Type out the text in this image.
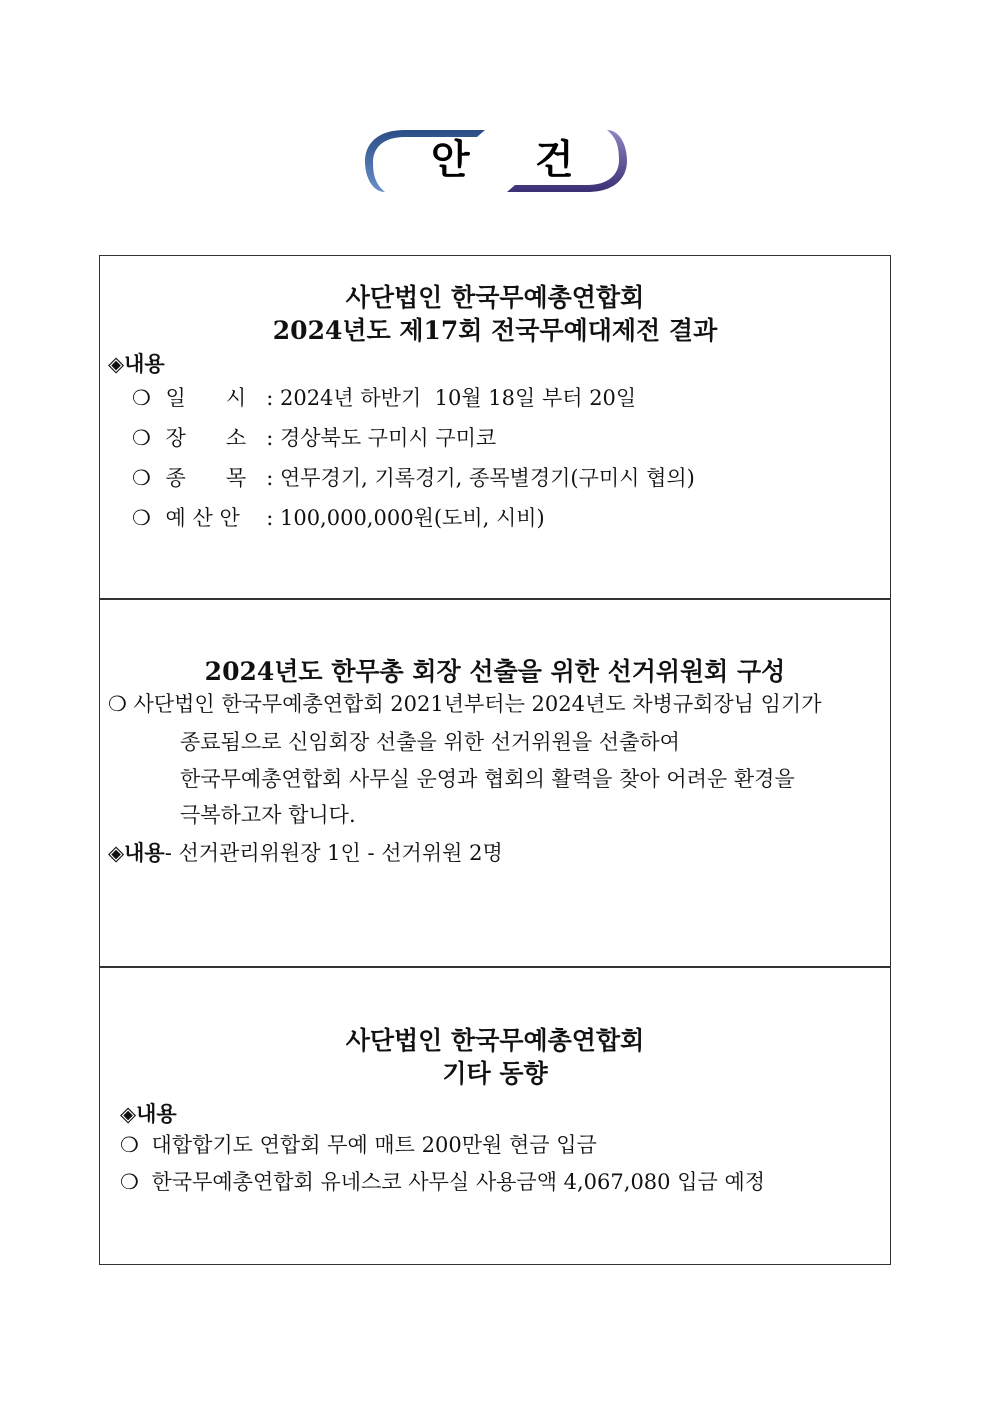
안 건
사단법인 한국무예총연합회
2024년도 제17회 전국무예대제전 결과
◈내용
❍ 일      시 : 2024년 하반기  10월 18일 부터 20일
❍ 장      소 : 경상북도 구미시 구미코
❍ 종      목 : 연무경기, 기록경기, 종목별경기(구미시 협의)
❍ 예 산 안 : 100,000,000원(도비, 시비)
2024년도 한무총 회장 선출을 위한 선거위원회 구성
❍ 사단법인 한국무예총연합회 2021년부터는 2024년도 차병규회장님 임기가
종료됨으로 신임회장 선출을 위한 선거위원을 선출하여
한국무예총연합회 사무실 운영과 협회의 활력을 찾아 어려운 환경을
극복하고자 합니다.
◈내용- 선거관리위원장 1인 - 선거위원 2명
사단법인 한국무예총연합회
기타 동향
◈내용
❍ 대합합기도 연합회 무예 매트 200만원 현금 입금
❍ 한국무예총연합회 유네스코 사무실 사용금액 4,067,080 입금 예정
